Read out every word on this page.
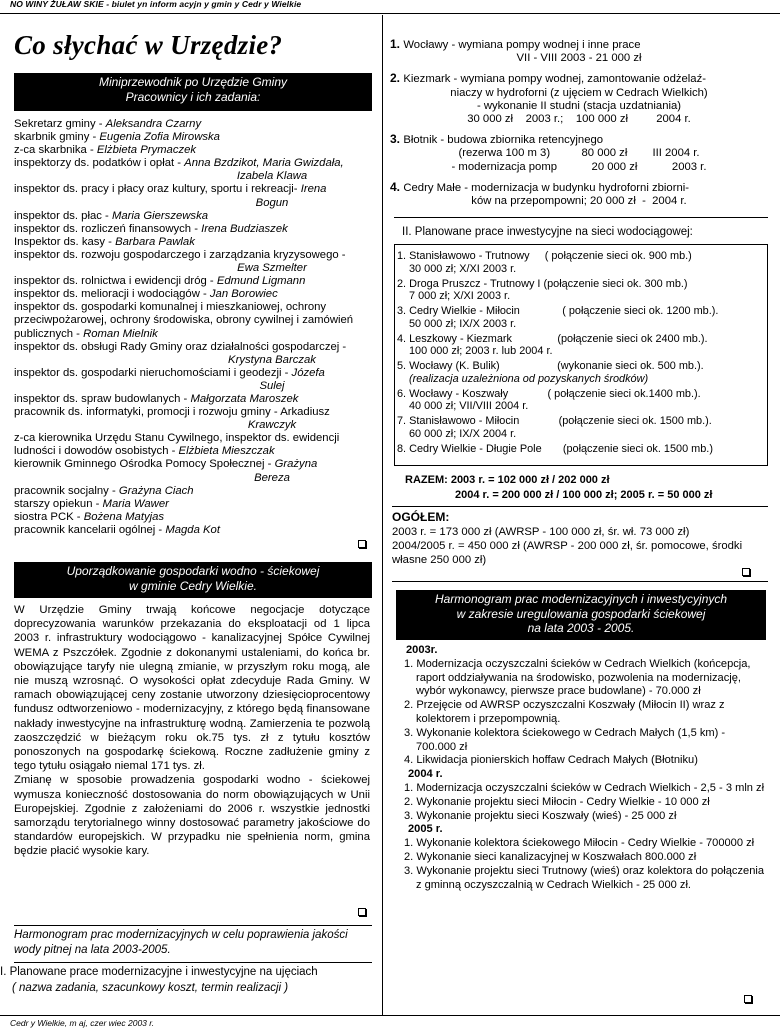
NO WINY ŻUŁAW SKIE - biulet yn inform acyjn y gmin y Cedr y Wielkie
Co słychać w Urzędzie?
Miniprzewodnik po Urzędzie Gminy
Pracownicy i ich zadania:
Sekretarz gminy - Aleksandra Czarny
skarbnik gminy - Eugenia Zofia Mirowska
z-ca skarbnika - Elżbieta Prymaczek
inspektorzy ds. podatków i opłat - Anna Bzdzikot, Maria Gwizdała,
Izabela Klawa
inspektor ds. pracy i płacy oraz kultury, sportu i rekreacji- Irena
Bogun
inspektor ds. płac - Maria Gierszewska
inspektor ds. rozliczeń finansowych - Irena Budziaszek
Inspektor ds. kasy - Barbara Pawlak
inspektor ds. rozwoju gospodarczego i zarządzania kryzysowego -
Ewa Szmelter
inspektor ds. rolnictwa i ewidencji dróg - Edmund Ligmann
inspektor ds. melioracji i wodociągów - Jan Borowiec
inspektor ds. gospodarki komunalnej i mieszkaniowej, ochrony przeciwpożarowej, ochrony środowiska, obrony cywilnej i zamówień publicznych - Roman Mielnik
inspektor ds. obsługi Rady Gminy oraz działalności gospodarczej -
Krystyna Barczak
inspektor ds. gospodarki nieruchomościami i geodezji - Józefa
Sulej
inspektor ds. spraw budowlanych - Małgorzata Maroszek
pracownik ds. informatyki, promocji i rozwoju gminy - Arkadiusz
Krawczyk
z-ca kierownika Urzędu Stanu Cywilnego, inspektor ds. ewidencji ludności i dowodów osobistych - Elżbieta Mieszczak
kierownik Gminnego Ośrodka Pomocy Społecznej - Grażyna
Bereza
pracownik socjalny - Grażyna Ciach
starszy opiekun - Maria Wawer
siostra PCK - Bożena Matyjas
pracownik kancelarii ogólnej - Magda Kot
Uporządkowanie gospodarki wodno - ściekowej
w gminie Cedry Wielkie.
W Urzędzie Gminy trwają końcowe negocjacje dotyczące doprecyzowania warunków przekazania do eksploatacji od 1 lipca 2003 r. infrastruktury wodociągowo - kanalizacyjnej Spółce Cywilnej WEMA z Pszczółek. Zgodnie z dokonanymi ustaleniami, do końca br. obowiązujące taryfy nie ulegną zmianie, w przyszłym roku mogą, ale nie muszą wzrosnąć. O wysokości opłat zdecyduje Rada Gminy. W ramach obowiązującej ceny zostanie utworzony dziesięcioprocentowy fundusz odtworzeniowo - modernizacyjny, z którego będą finansowane nakłady inwestycyjne na infrastrukturę wodną. Zamierzenia te pozwolą zaoszczędzić w bieżącym roku ok.75 tys. zł z tytułu kosztów ponoszonych na gospodarkę ściekową. Roczne zadłużenie gminy z tego tytułu osiągało niemal 171 tys. zł.
Zmianę w sposobie prowadzenia gospodarki wodno - ściekowej wymusza konieczność dostosowania do norm obowiązujących w Unii Europejskiej. Zgodnie z założeniami do 2006 r. wszystkie jednostki samorządu terytorialnego winny dostosować parametry jakościowe do standardów europejskich. W przypadku nie spełnienia norm, gmina będzie płacić wysokie kary.
Harmonogram prac modernizacyjnych w celu poprawienia jakości wody pitnej na lata 2003-2005.
I. Planowane prace modernizacyjne i inwestycyjne na ujęciach
( nazwa zadania, szacunkowy koszt, termin realizacji )
1. Wocławy - wymiana pompy wodnej i inne prace
VII - VIII 2003 - 21 000 zł
2. Kiezmark - wymiana pompy wodnej, zamontowanie odżelaź-
niaczy w hydroforni (z ujęciem w Cedrach Wielkich)
- wykonanie II studni (stacja uzdatniania)
30 000 zł    2003 r.;    100 000 zł         2004 r.
3. Błotnik - budowa zbiornika retencyjnego
(rezerwa 100 m 3)          80 000 zł        III 2004 r.
- modernizacja pomp           20 000 zł           2003 r.
4. Cedry Małe - modernizacja w budynku hydroforni zbiorni-
ków na przepompowni; 20 000 zł  -  2004 r.
II. Planowane prace inwestycyjne na sieci wodociągowej:
1. Stanisławowo - Trutnowy     ( połączenie sieci ok. 900 mb.)
30 000 zł; X/XI 2003 r.
2. Droga Pruszcz - Trutnowy I (połączenie sieci ok. 300 mb.)
7 000 zł; X/XI 2003 r.
3. Cedry Wielkie - Miłocin              ( połączenie sieci ok. 1200 mb.).
50 000 zł; IX/X 2003 r.
4. Leszkowy - Kiezmark               (połączenie sieci ok 2400 mb.).
100 000 zł; 2003 r. lub 2004 r.
5. Wocławy (K. Bulik)                   (wykonanie sieci ok. 500 mb.).
(realizacja uzależniona od pozyskanych środków)
6. Wocławy - Koszwały             ( połączenie sieci ok.1400 mb.).
40 000 zł; VII/VIII 2004 r.
7. Stanisławowo - Miłocin             (połączenie sieci ok. 1500 mb.).
60 000 zł; IX/X 2004 r.
8. Cedry Wielkie - Długie Pole       (połączenie sieci ok. 1500 mb.)
RAZEM: 2003 r. = 102 000 zł / 202 000 zł
2004 r. = 200 000 zł / 100 000 zł; 2005 r. = 50 000 zł
OGÓŁEM:
2003 r. = 173 000 zł (AWRSP - 100 000 zł, śr. wł. 73 000 zł)
2004/2005 r. = 450 000 zł (AWRSP - 200 000 zł, śr. pomocowe, środki własne 250 000 zł)
Harmonogram prac modernizacyjnych i inwestycyjnych
w zakresie uregulowania gospodarki ściekowej
na lata 2003 - 2005.
2003r.
1. Modernizacja oczyszczalni ścieków w Cedrach Wielkich (końcepcja, raport oddziaływania na środowisko, pozwolenia na modernizację, wybór wykonawcy, pierwsze prace budowlane) - 70.000 zł
2. Przejęcie od AWRSP oczyszczalni Koszwały (Miłocin II) wraz z kolektorem i przepompownią.
3. Wykonanie kolektora ściekowego w Cedrach Małych (1,5 km) - 700.000 zł
4. Likwidacja pionierskich hoffaw Cedrach Małych (Błotniku)
2004 r.
1. Modernizacja oczyszczalni ścieków w Cedrach Wielkich - 2,5 - 3 mln zł
2. Wykonanie projektu sieci Miłocin - Cedry Wielkie - 10 000 zł
3. Wykonanie projektu sieci Koszwały (wieś) - 25 000 zł
2005 r.
1. Wykonanie kolektora ściekowego Miłocin - Cedry Wielkie - 700000 zł
2. Wykonanie sieci kanalizacyjnej w Koszwałach 800.000 zł
3. Wykonanie projektu sieci Trutnowy (wieś) oraz kolektora do połączenia z gminną oczyszczalnią w Cedrach Wielkich - 25 000 zł.
Cedr y Wielkie, m aj, czer wiec 2003 r.
